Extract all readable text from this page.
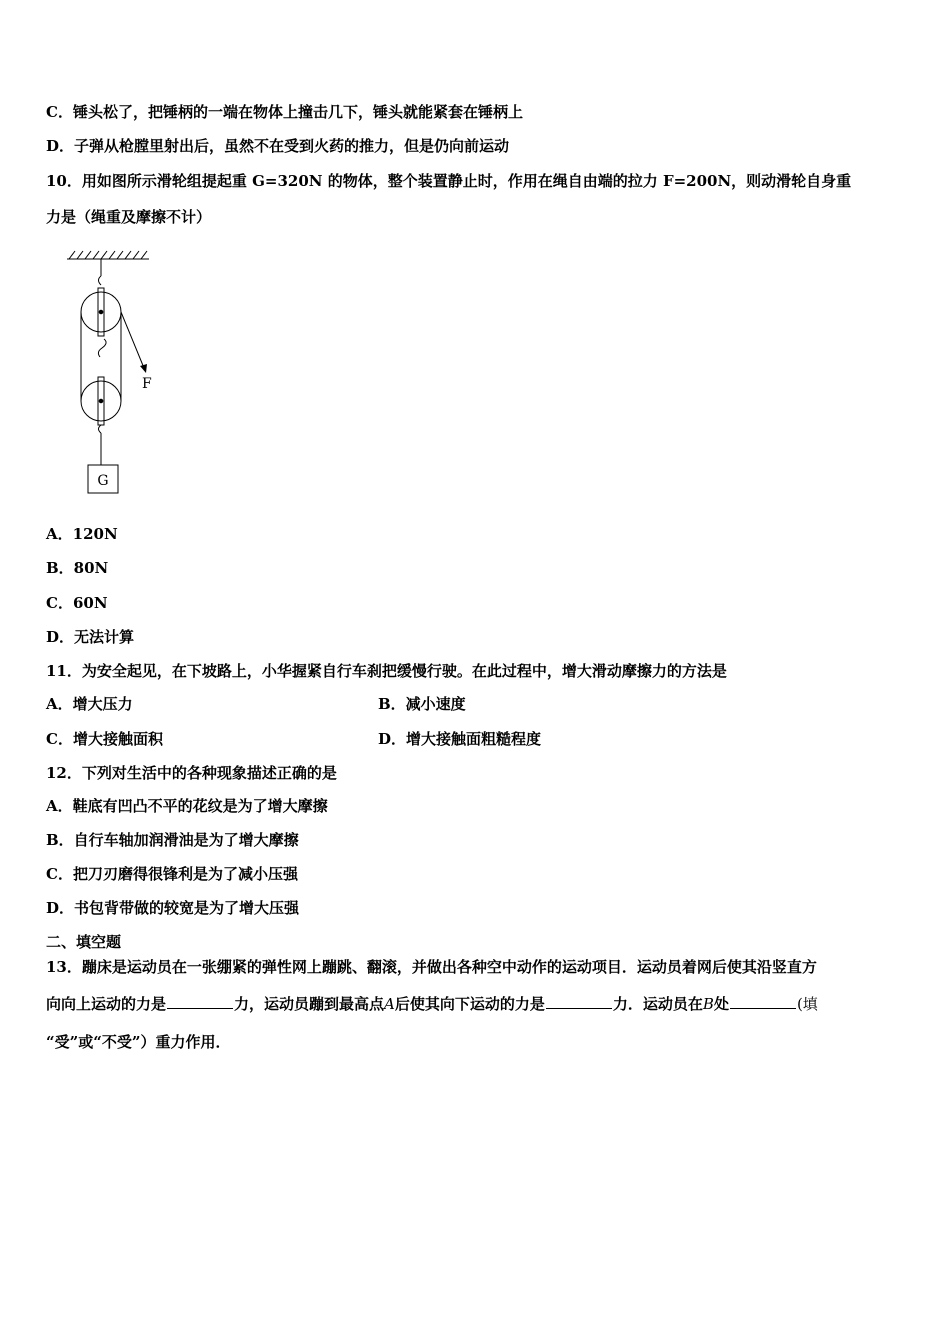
C．锤头松了，把锤柄的一端在物体上撞击几下，锤头就能紧套在锤柄上
D．子弹从枪膛里射出后，虽然不在受到火药的推力，但是仍向前运动
10．用如图所示滑轮组提起重 G=320N 的物体，整个装置静止时，作用在绳自由端的拉力 F=200N，则动滑轮自身重
力是（绳重及摩擦不计）
F
G
A．120N
B．80N
C．60N
D．无法计算
11．为安全起见，在下坡路上，小华握紧自行车刹把缓慢行驶。在此过程中，增大滑动摩擦力的方法是
A．增大压力	B．减小速度
C．增大接触面积	D．增大接触面粗糙程度
12．下列对生活中的各种现象描述正确的是
A．鞋底有凹凸不平的花纹是为了增大摩擦
B．自行车轴加润滑油是为了增大摩擦
C．把刀刃磨得很锋利是为了减小压强
D．书包背带做的较宽是为了增大压强
二、填空题
13．蹦床是运动员在一张绷紧的弹性网上蹦跳、翻滚，并做出各种空中动作的运动项目．运动员着网后使其沿竖直方
向向上运动的力是	力，运动员蹦到最高点A后使其向下运动的力是	力．运动员在B处	(填
“受”或“不受”）重力作用．
